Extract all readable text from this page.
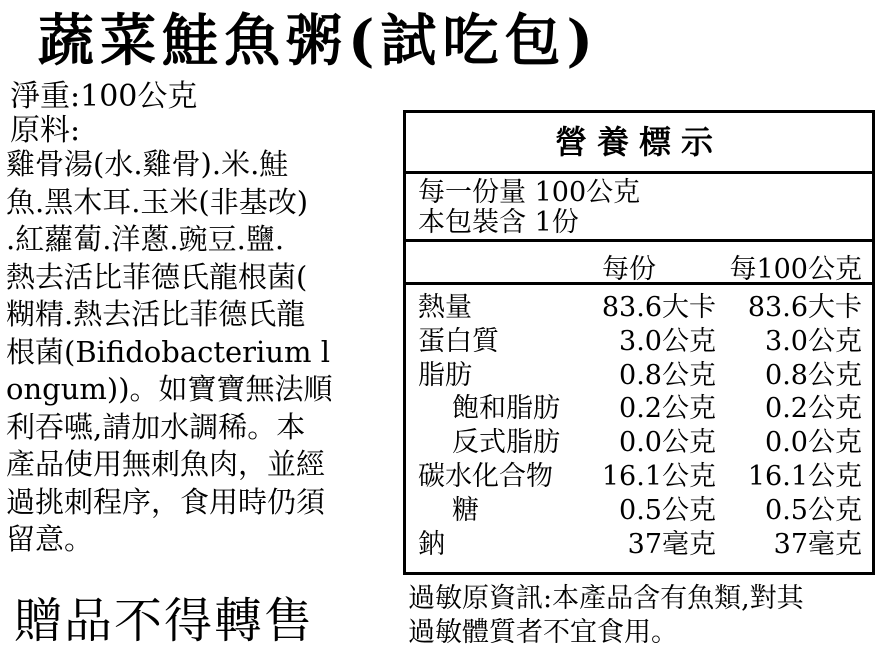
蔬菜鮭魚粥(試吃包)
淨重:100公克
原料:
雞骨湯(水.雞骨).米.鮭
魚.黑木耳.玉米(非基改)
.紅蘿蔔.洋蔥.豌豆.鹽.
熱去活比菲德氏龍根菌(
糊精.熱去活比菲德氏龍
根菌(Bifidobacterium l
ongum))。如寶寶無法順
利吞嚥,請加水調稀。本
產品使用無刺魚肉，並經
過挑刺程序，食用時仍須
留意。
營養標示
每一份量 100公克
本包裝含 1份
每份	每100公克
熱量	83.6大卡 83.6大卡
蛋白質	3.0公克 3.0公克
脂肪	0.8公克 0.8公克
飽和脂肪 0.2公克 0.2公克
反式脂肪 0.0公克 0.0公克
碳水化合物 16.1公克 16.1公克
糖	0.5公克 0.5公克
鈉	37毫克 37毫克
過敏原資訊:本產品含有魚類,對其
過敏體質者不宜食用。
贈品不得轉售
